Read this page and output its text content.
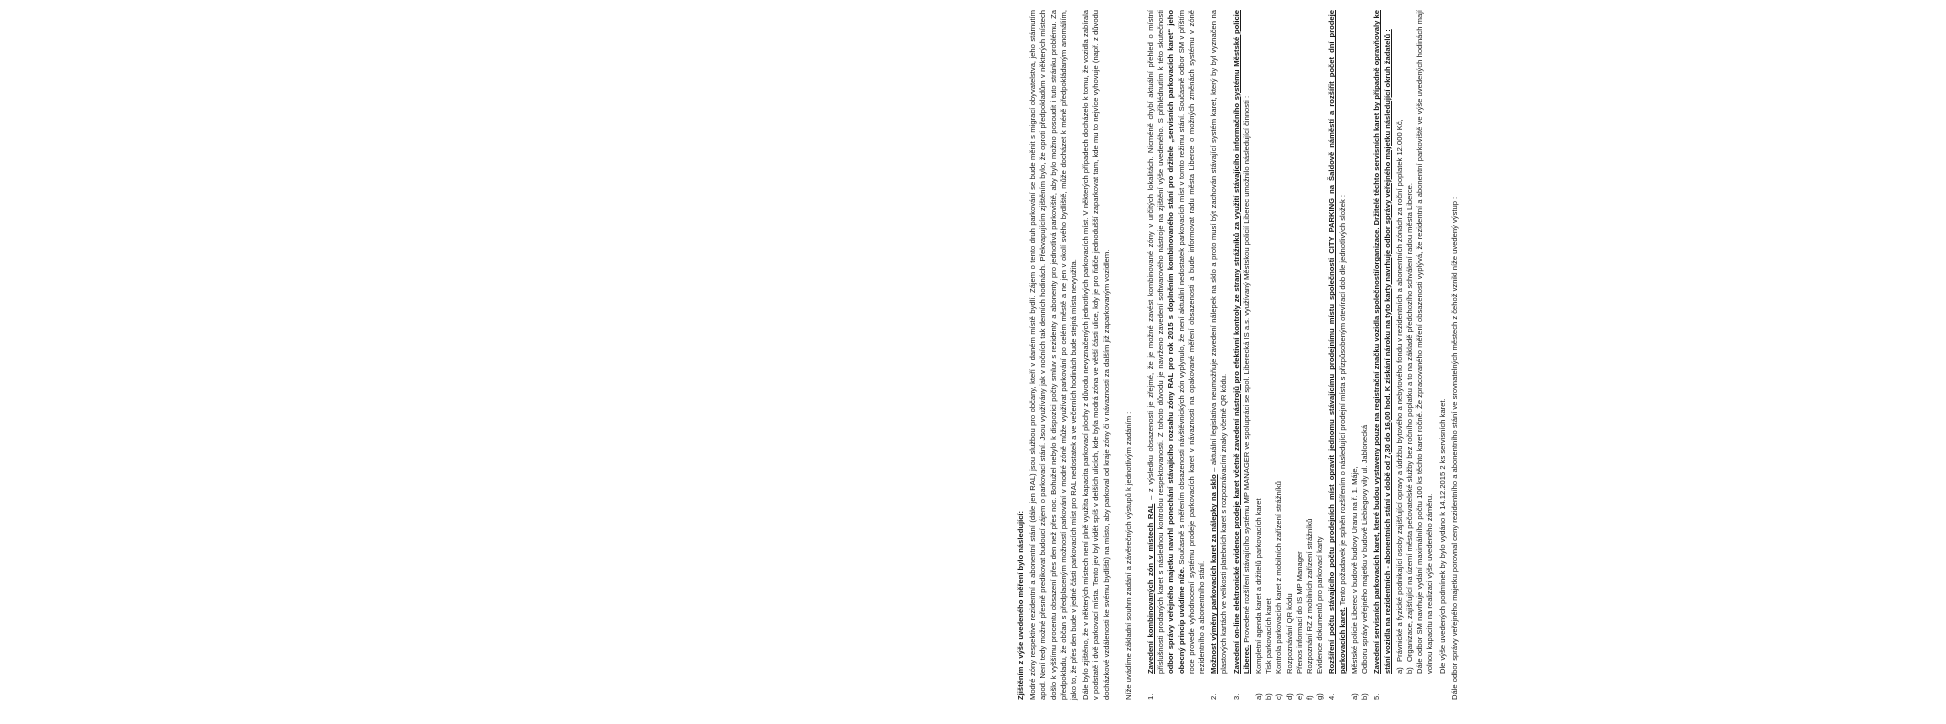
Zjištěním z výše uvedeného měření bylo následující: Modré zóny respektive rezidentní a abonentní stání (dále jen RAL) jsou službou pro občany, kteří v daném místě bydlí. Zájem o tento druh parkování se bude měnit s migrací obyvatelstva, jeho stárnutím apod. Není tedy možné přesně predikovat budoucí zájem o parkovací stání. Jsou využívány jak v nočních tak denních hodinách. Překvapujícím zjištěním bylo, že oproti předpokladům v některých místech došlo k vyššímu procentu obsazení přes den než přes noc. Bohužel nebylo k dispozici počty smluv s rezidenty a abonenty pro jednotlivá parkoviště, aby bylo možno posoudit i tuto stránku problému. Za předpokladu, že občan s předplaceným možností parkování v modré zóně může využívat parkování po celém městě a ne jen v okolí svého bydliště, může docházet k méně předpokládaným anomáliím, jako to, že přes den bude v jedné části parkovacích míst pro RAL nedostatek a ve večerních hodinách bude stejná místa nevyužita. Dále bylo zjištěno, že v některých místech není plně využita kapacita parkovací plochy z důvodu nevyznačených jednotlivých parkovacích míst. V některých případech docházelo k tomu, že vozidla zabírala v podstatě i dvě parkovací místa. Tento jev byl vidět spíš v delších ulicích, kde byla modrá zóna ve větší části ulice, kdy je pro řidiče jednodušší zaparkovat tam, kde mu to nejvíce vyhovuje (např. z důvodu docházkové vzdálenosti ke svému bydlišti) na místo, aby parkoval od kraje zóny či v návaznosti za dalším již zaparkovaným vozidlem. Níže uvádíme základní souhrn zadání a závěrečných výstupů k jednotlivým zadáním : 1.
Zavedení kombinovaných zón v místech RAL – z výsledku obsazenosti je zřejmé, že je možné zavést kombinované zóny v určitých lokalitách. Nicméně chybí aktuální přehled o místní příslušnosti prodaných karet s následnou kontrolou respektovanosti. Z tohoto důvodu je navrženo zavedení softwarového nástroje na zjištění výše uvedeného. S přihlédnutím k této skutečnosti odbor správy veřejného majetku navrhl ponechání stávajícího rozsahu zóny RAL pro rok 2015 s doplněním kombinovaného stání pro držitele „servisních parkovacích karet“ jeho obecný princip uvádíme níže. Současně s měřením obsazenosti návštěvnických zón vyplynulo, že není aktuální nedostatek parkovacích míst v tomto režimu stání. Současně odbor SM v příštím roce provede vyhodnocení systému prodeje parkovacích karet v návaznosti na opakované měření obsazenosti a bude informovat radu města Liberce o možných změnách systému v zóně rezidentního a abonentního stání.
2.
Možnost výměny parkovacích karet za nálepky na sklo – aktuální legislativa neumožňuje zavedení nálepek na sklo a proto musí být zachován stávající systém karet, který by byl vyznačen na plastových kartách ve velikosti platebních karet s rozpoznávacími znaky včetně QR kódu.
3.
Zavedení on-line elektronické evidence prodeje karet včetně zavedení nástrojů pro efektivní kontroly ze strany strážníků za využití stávajícího informačního systému Městské policie Liberec. Provedené rozšíření stávajícího systému MP MANAGER ve spolupráci se spol. Liberecká IS a.s. využívaný Městskou policií Liberec umožnilo následující činnosti :
a)
Kompletní agenda karet a držitelů parkovacích karet
b)
Tisk parkovacích karet
c)
Kontrola parkovacích karet z mobilních zařízení strážníků
d)
Rozpoznávání QR kódu
e)
Přenos informací do IS MP Manager
f)
Rozpoznání RZ z mobilních zařízení strážníků
g)
Evidence dokumentů pro parkovací karty
4.
Rozšíření počtu stávajícího počtu prodejních míst opravit jednomu stávajícímu prodejnímu místu společnosti CITY PARKING na Šaldově náměstí a rozšířit počet dní prodeje parkovacích karet. Tento požadavek je splněn rozšířením o následující prodejní místa s přizpůsobeným otevírací dob dle jednotlivých složek :
a)
Městské policie Liberec v budově budovy Uranu na ř. 1. Máje,
b)
Odboru správy veřejného majetku v budově Liebiegovy vily ul. Jablonecká
5.
Zavedení servisních parkovacích karet, které budou vystaveny pouze na registrační značku vozidla společnosti/organizace. Držitelé těchto servisních karet by případně opravňovaly ke stání vozidla na rezidentních - abonentních stání v době od 7,30 do 16,00 hod. K získání nároku na tyto karty navrhuje odbor správy veřejného majetku následující okruh žadatelů : a)
Právnické a fyzické podnikající osoby zajišťující opravy a údržbu bytového a nebytového fondu v rezidentních a abonentních zónách za roční poplatek 12.000 Kč,
b)
Organizace, zajišťující na území města pečovatelské služby bez ročního poplatku a to na základě předchozího schválení radou města Liberce. Dále odbor SM navrhuje vydání maximálního počtu 100 ks těchto karet ročně. Že zpracovaného měření obsazenosti vyplývá, že rezidentní a abonentní parkoviště ve výše uvedených hodinách mají volnou kapacitu na realizaci výše uvedeného záměru. Dle výše uvedených podmínek by bylo vydáno k 14.12.2015 2 ks servisních karet. Dále odbor správy veřejného majetku porovnal ceny rezidentního a abonentního stání ve srovnatelných městech z čehož vznikl níže uvedený výstup :
